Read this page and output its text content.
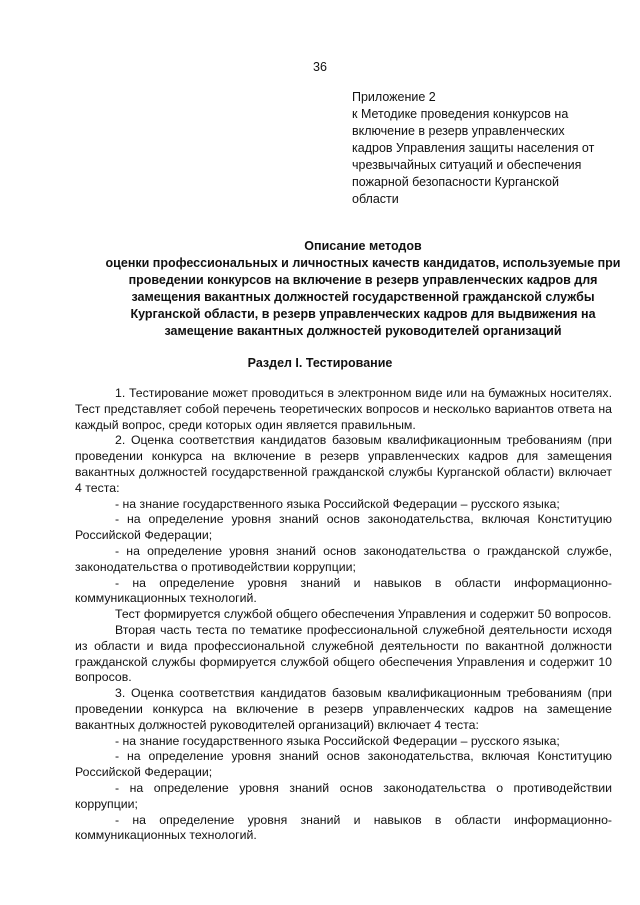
36
Приложение 2
к Методике проведения конкурсов на
включение в резерв управленческих
кадров Управления защиты населения от
чрезвычайных ситуаций и обеспечения
пожарной безопасности Курганской
области
Описание методов
оценки профессиональных и личностных качеств кандидатов, используемые при
проведении конкурсов на включение в резерв управленческих кадров для
замещения вакантных должностей государственной гражданской службы
Курганской области, в резерв управленческих кадров для выдвижения на
замещение вакантных должностей руководителей организаций
Раздел I. Тестирование

1. Тестирование может проводиться в электронном виде или на бумажных носителях. Тест представляет собой перечень теоретических вопросов и несколько вариантов ответа на каждый вопрос, среди которых один является правильным.

2. Оценка соответствия кандидатов базовым квалификационным требованиям (при проведении конкурса на включение в резерв управленческих кадров для замещения вакантных должностей государственной гражданской службы Курганской области) включает 4 теста:

- на знание государственного языка Российской Федерации – русского языка;

- на определение уровня знаний основ законодательства, включая Конституцию Российской Федерации;

- на определение уровня знаний основ законодательства о гражданской службе, законодательства о противодействии коррупции;

- на определение уровня знаний и навыков в области информационно-коммуникационных технологий.

Тест формируется службой общего обеспечения Управления и содержит 50 вопросов.

Вторая часть теста по тематике профессиональной служебной деятельности исходя из области и вида профессиональной служебной деятельности по вакантной должности гражданской службы формируется службой общего обеспечения Управления и содержит 10 вопросов.

3. Оценка соответствия кандидатов базовым квалификационным требованиям (при проведении конкурса на включение в резерв управленческих кадров на замещение вакантных должностей руководителей организаций) включает 4 теста:

- на знание государственного языка Российской Федерации – русского языка;

- на определение уровня знаний основ законодательства, включая Конституцию Российской Федерации;

- на определение уровня знаний основ законодательства о противодействии коррупции;

- на определение уровня знаний и навыков в области информационно-коммуникационных технологий.
